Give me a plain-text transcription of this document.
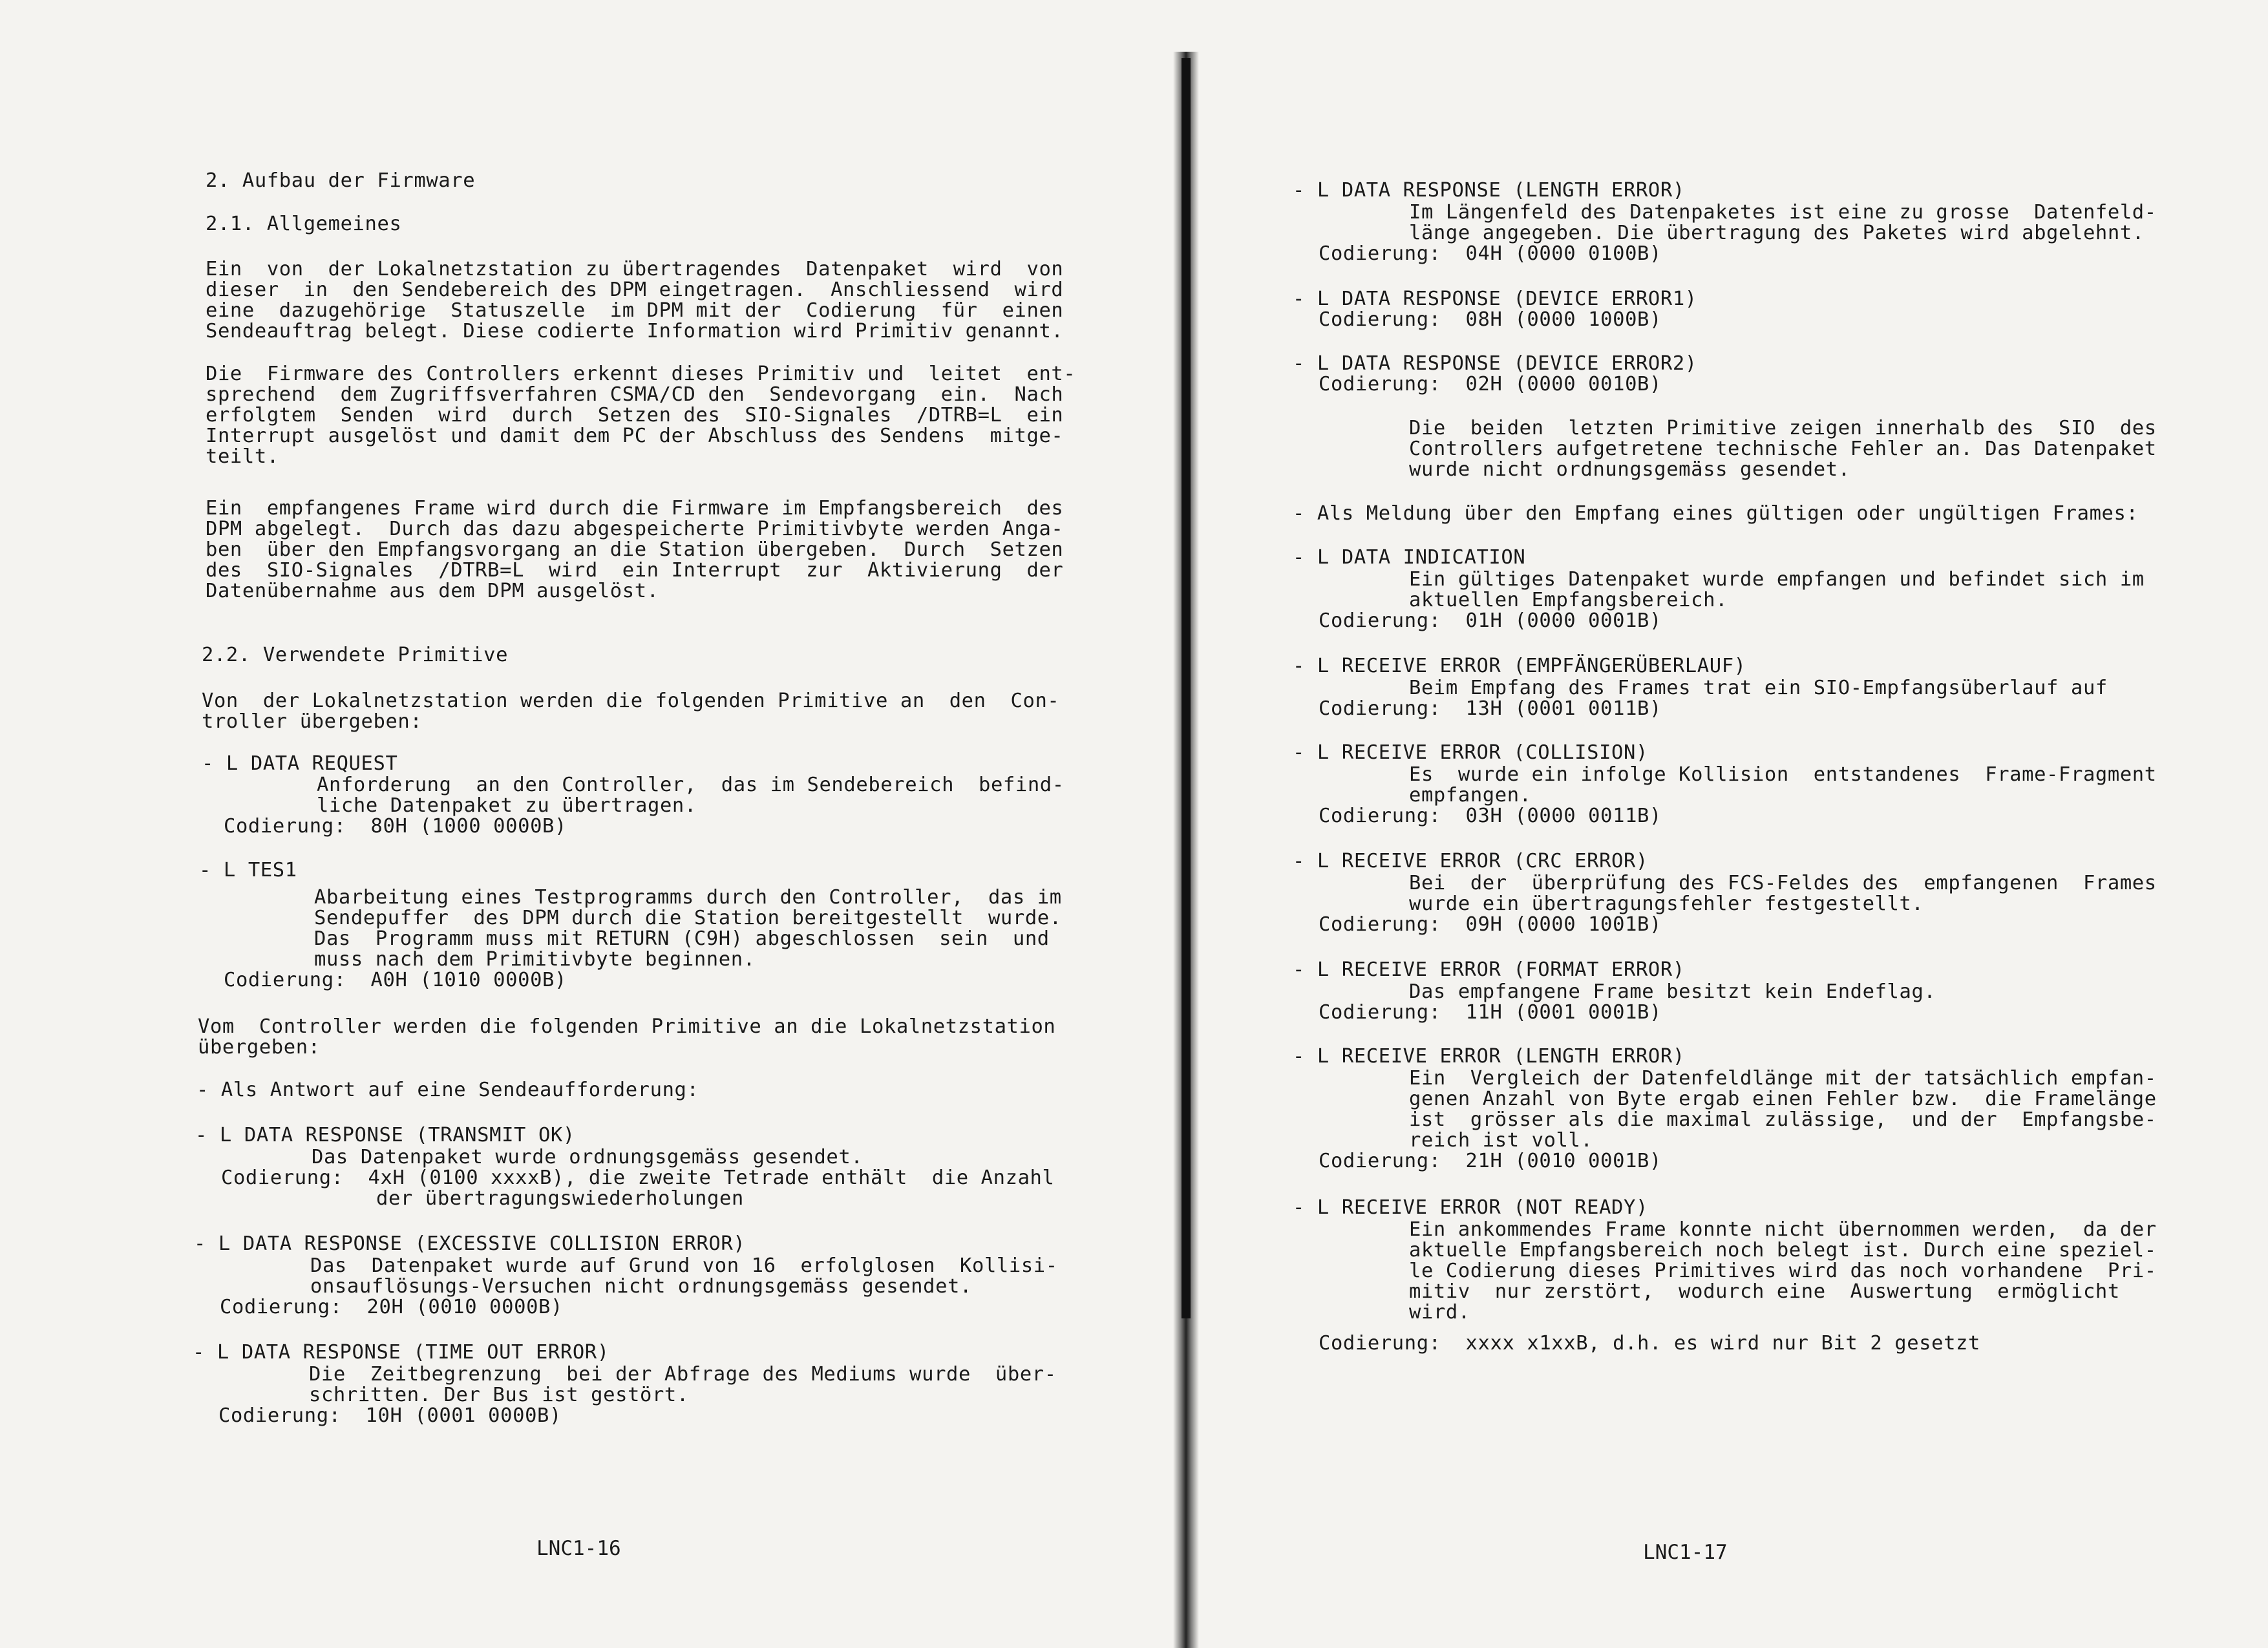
2. Aufbau der Firmware
2.1. Allgemeines
Ein  von  der Lokalnetzstation zu übertragendes  Datenpaket  wird  von
dieser  in  den Sendebereich des DPM eingetragen.  Anschliessend  wird
eine  dazugehörige  Statuszelle  im DPM mit der  Codierung  für  einen
Sendeauftrag belegt. Diese codierte Information wird Primitiv genannt.
Die  Firmware des Controllers erkennt dieses Primitiv und  leitet  ent-
sprechend  dem Zugriffsverfahren CSMA/CD den  Sendevorgang  ein.  Nach
erfolgtem  Senden  wird  durch  Setzen des  SIO-Signales  /DTRB=L  ein
Interrupt ausgelöst und damit dem PC der Abschluss des Sendens  mitge-
teilt.
Ein  empfangenes Frame wird durch die Firmware im Empfangsbereich  des
DPM abgelegt.  Durch das dazu abgespeicherte Primitivbyte werden Anga-
ben  über den Empfangsvorgang an die Station übergeben.  Durch  Setzen
des  SIO-Signales  /DTRB=L  wird  ein Interrupt  zur  Aktivierung  der
Datenübernahme aus dem DPM ausgelöst.
2.2. Verwendete Primitive
Von  der Lokalnetzstation werden die folgenden Primitive an  den  Con-
troller übergeben:
- L DATA REQUEST
Anforderung  an den Controller,  das im Sendebereich  befind-
liche Datenpaket zu übertragen.
Codierung:  80H (1000 0000B)
- L TES1
Abarbeitung eines Testprogramms durch den Controller,  das im
Sendepuffer  des DPM durch die Station bereitgestellt  wurde.
Das  Programm muss mit RETURN (C9H) abgeschlossen  sein  und
muss nach dem Primitivbyte beginnen.
Codierung:  A0H (1010 0000B)
Vom  Controller werden die folgenden Primitive an die Lokalnetzstation
übergeben:
- Als Antwort auf eine Sendeaufforderung:
- L DATA RESPONSE (TRANSMIT OK)
Das Datenpaket wurde ordnungsgemäss gesendet.
Codierung:  4xH (0100 xxxxB), die zweite Tetrade enthält  die Anzahl
der übertragungswiederholungen
- L DATA RESPONSE (EXCESSIVE COLLISION ERROR)
Das  Datenpaket wurde auf Grund von 16  erfolglosen  Kollisi-
onsauflösungs-Versuchen nicht ordnungsgemäss gesendet.
Codierung:  20H (0010 0000B)
- L DATA RESPONSE (TIME OUT ERROR)
Die  Zeitbegrenzung  bei der Abfrage des Mediums wurde  über-
schritten. Der Bus ist gestört.
Codierung:  10H (0001 0000B)
LNC1-16
- L DATA RESPONSE (LENGTH ERROR)
Im Längenfeld des Datenpaketes ist eine zu grosse  Datenfeld-
länge angegeben. Die übertragung des Paketes wird abgelehnt.
Codierung:  04H (0000 0100B)
- L DATA RESPONSE (DEVICE ERROR1)
Codierung:  08H (0000 1000B)
- L DATA RESPONSE (DEVICE ERROR2)
Codierung:  02H (0000 0010B)
Die  beiden  letzten Primitive zeigen innerhalb des  SIO  des
Controllers aufgetretene technische Fehler an. Das Datenpaket
wurde nicht ordnungsgemäss gesendet.
- Als Meldung über den Empfang eines gültigen oder ungültigen Frames:
- L DATA INDICATION
Ein gültiges Datenpaket wurde empfangen und befindet sich im
aktuellen Empfangsbereich.
Codierung:  01H (0000 0001B)
- L RECEIVE ERROR (EMPFÄNGERÜBERLAUF)
Beim Empfang des Frames trat ein SIO-Empfangsüberlauf auf
Codierung:  13H (0001 0011B)
- L RECEIVE ERROR (COLLISION)
Es  wurde ein infolge Kollision  entstandenes  Frame-Fragment
empfangen.
Codierung:  03H (0000 0011B)
- L RECEIVE ERROR (CRC ERROR)
Bei  der  überprüfung des FCS-Feldes des  empfangenen  Frames
wurde ein übertragungsfehler festgestellt.
Codierung:  09H (0000 1001B)
- L RECEIVE ERROR (FORMAT ERROR)
Das empfangene Frame besitzt kein Endeflag.
Codierung:  11H (0001 0001B)
- L RECEIVE ERROR (LENGTH ERROR)
Ein  Vergleich der Datenfeldlänge mit der tatsächlich empfan-
genen Anzahl von Byte ergab einen Fehler bzw.  die Framelänge
ist  grösser als die maximal zulässige,  und der  Empfangsbe-
reich ist voll.
Codierung:  21H (0010 0001B)
- L RECEIVE ERROR (NOT READY)
Ein ankommendes Frame konnte nicht übernommen werden,  da der
aktuelle Empfangsbereich noch belegt ist. Durch eine speziel-
le Codierung dieses Primitives wird das noch vorhandene  Pri-
mitiv  nur zerstört,  wodurch eine  Auswertung  ermöglicht
wird.
Codierung:  xxxx x1xxB, d.h. es wird nur Bit 2 gesetzt
LNC1-17
